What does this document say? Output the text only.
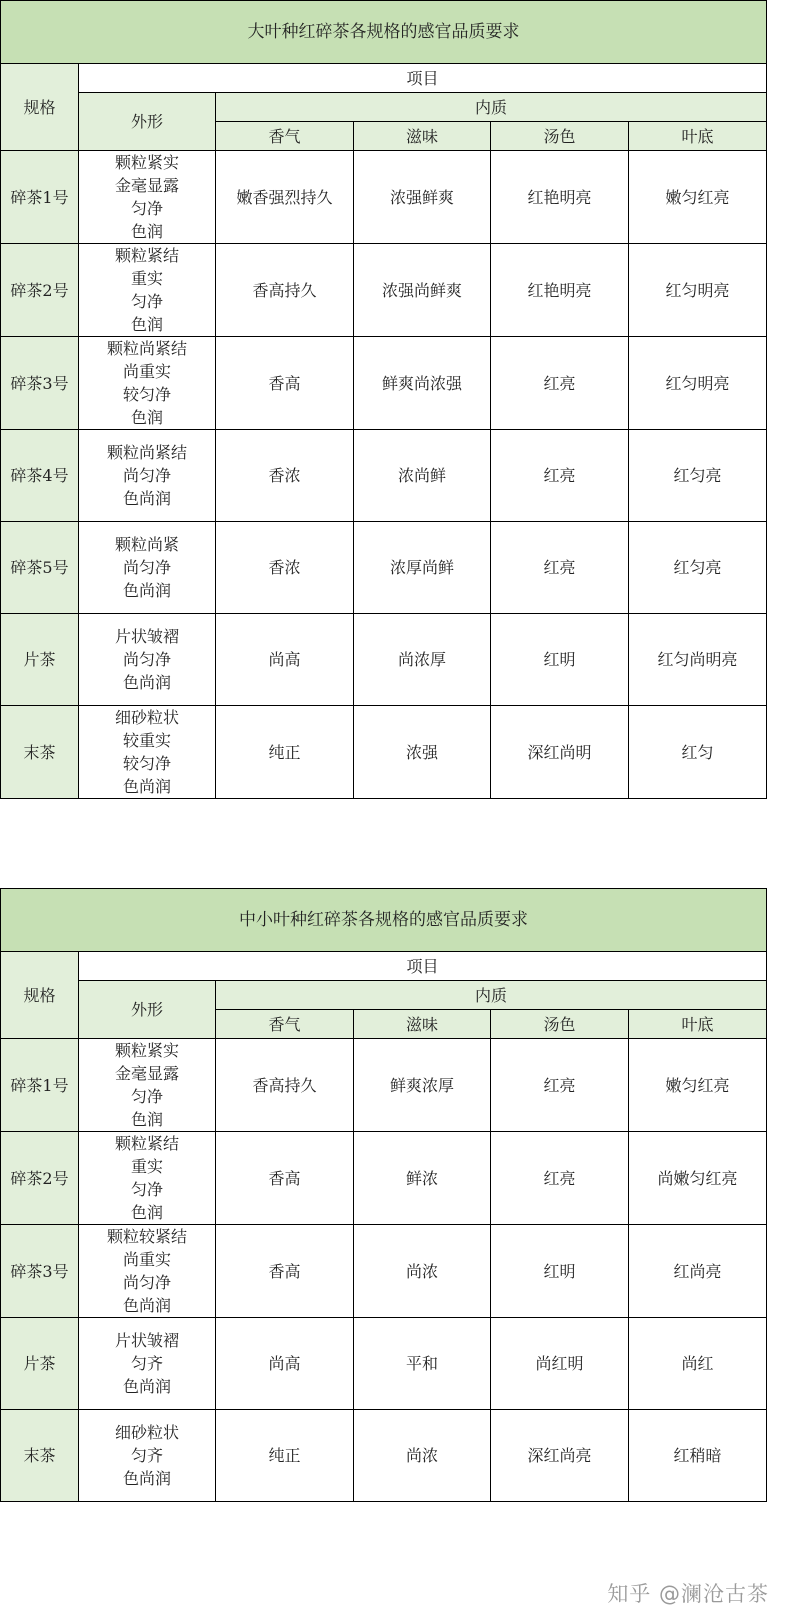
大叶种红碎茶各规格的感官品质要求					
规格	项目				
	外形	内质			
		香气	滋味	汤色	叶底
碎茶1号	颗粒紧实
金毫显露
匀净
色润	嫩香强烈持久	浓强鲜爽	红艳明亮	嫩匀红亮
碎茶2号	颗粒紧结
重实
匀净
色润	香高持久	浓强尚鲜爽	红艳明亮	红匀明亮
碎茶3号	颗粒尚紧结
尚重实
较匀净
色润	香高	鲜爽尚浓强	红亮	红匀明亮
碎茶4号	颗粒尚紧结
尚匀净
色尚润	香浓	浓尚鲜	红亮	红匀亮
碎茶5号	颗粒尚紧
尚匀净
色尚润	香浓	浓厚尚鲜	红亮	红匀亮
片茶	片状皱褶
尚匀净
色尚润	尚高	尚浓厚	红明	红匀尚明亮
末茶	细砂粒状
较重实
较匀净
色尚润	纯正	浓强	深红尚明	红匀
中小叶种红碎茶各规格的感官品质要求					
规格	项目				
	外形	内质			
		香气	滋味	汤色	叶底
碎茶1号	颗粒紧实
金毫显露
匀净
色润	香高持久	鲜爽浓厚	红亮	嫩匀红亮
碎茶2号	颗粒紧结
重实
匀净
色润	香高	鲜浓	红亮	尚嫩匀红亮
碎茶3号	颗粒较紧结
尚重实
尚匀净
色尚润	香高	尚浓	红明	红尚亮
片茶	片状皱褶
匀齐
色尚润	尚高	平和	尚红明	尚红
末茶	细砂粒状
匀齐
色尚润	纯正	尚浓	深红尚亮	红稍暗
知乎 @澜沧古茶
